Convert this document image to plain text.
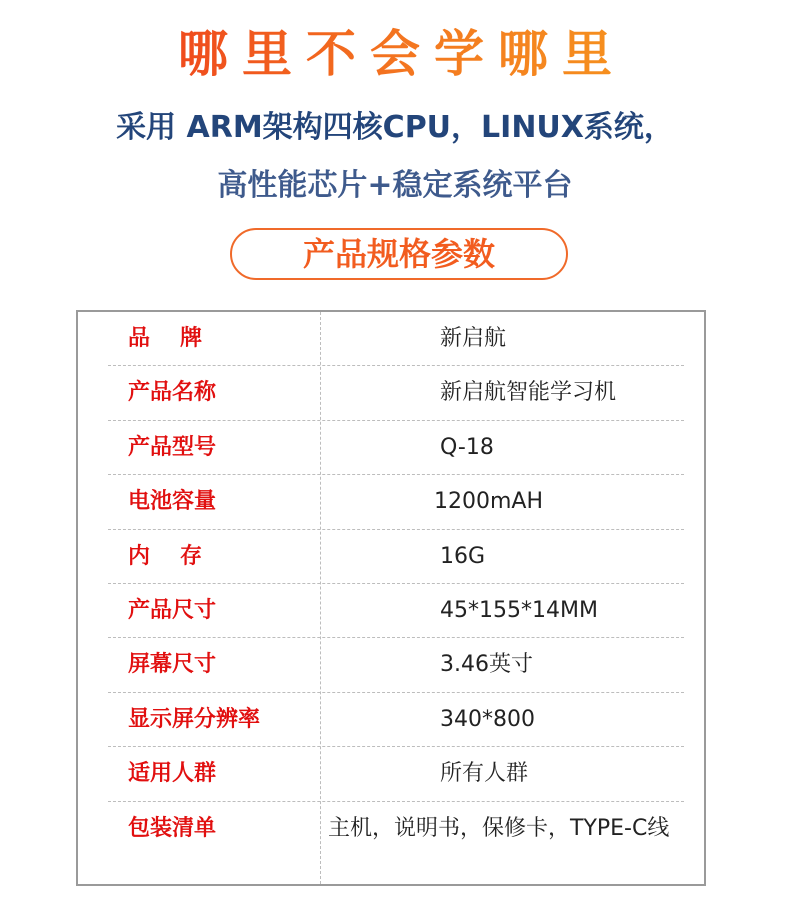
哪里不会学哪里
采用 ARM架构四核CPU，LINUX系统，
高性能芯片+稳定系统平台
产品规格参数
品牌	新启航
产品名称	新启航智能学习机
产品型号	Q-18
电池容量	1200mAH
内存	16G
产品尺寸	45*155*14MM
屏幕尺寸	3.46英寸
显示屏分辨率	340*800
适用人群	所有人群
包装清单	主机，说明书，保修卡，TYPE-C线
